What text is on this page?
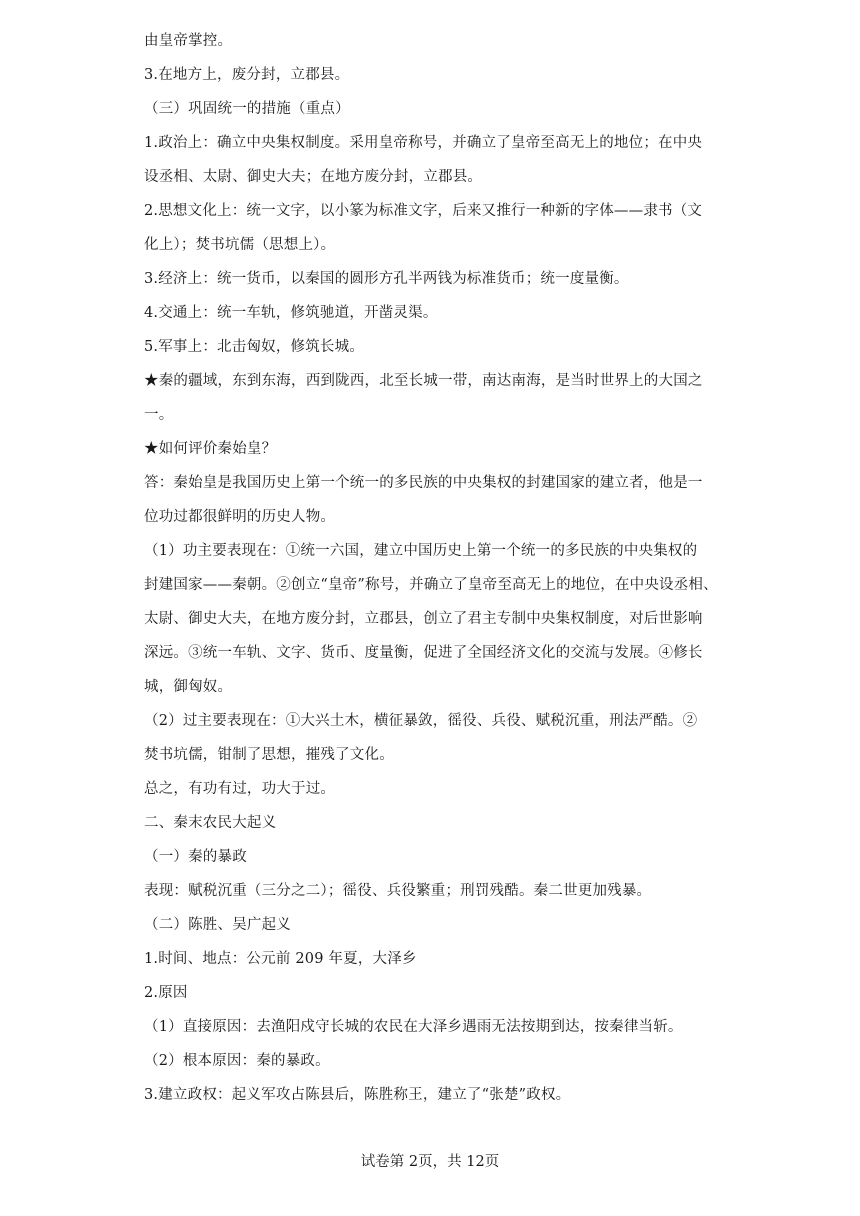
由皇帝掌控。
3.在地方上，废分封，立郡县。
（三）巩固统一的措施（重点）
1.政治上：确立中央集权制度。采用皇帝称号，并确立了皇帝至高无上的地位；在中央
设丞相、太尉、御史大夫；在地方废分封，立郡县。
2.思想文化上：统一文字，以小篆为标准文字，后来又推行一种新的字体——隶书（文
化上）；焚书坑儒（思想上）。
3.经济上：统一货币，以秦国的圆形方孔半两钱为标准货币；统一度量衡。
4.交通上：统一车轨，修筑驰道，开凿灵渠。
5.军事上：北击匈奴，修筑长城。
★秦的疆域，东到东海，西到陇西，北至长城一带，南达南海，是当时世界上的大国之
一。
★如何评价秦始皇？
答：秦始皇是我国历史上第一个统一的多民族的中央集权的封建国家的建立者，他是一
位功过都很鲜明的历史人物。
（1）功主要表现在：①统一六国，建立中国历史上第一个统一的多民族的中央集权的
封建国家——秦朝。②创立“皇帝”称号，并确立了皇帝至高无上的地位，在中央设丞相、
太尉、御史大夫，在地方废分封，立郡县，创立了君主专制中央集权制度，对后世影响
深远。③统一车轨、文字、货币、度量衡，促进了全国经济文化的交流与发展。④修长
城，御匈奴。
（2）过主要表现在：①大兴土木，横征暴敛，徭役、兵役、赋税沉重，刑法严酷。②
焚书坑儒，钳制了思想，摧残了文化。
总之，有功有过，功大于过。
二、秦末农民大起义
（一）秦的暴政
表现：赋税沉重（三分之二）；徭役、兵役繁重；刑罚残酷。秦二世更加残暴。
（二）陈胜、吴广起义
1.时间、地点：公元前 209 年夏，大泽乡
2.原因
（1）直接原因：去渔阳戍守长城的农民在大泽乡遇雨无法按期到达，按秦律当斩。
（2）根本原因：秦的暴政。
3.建立政权：起义军攻占陈县后，陈胜称王，建立了“张楚”政权。
试卷第 2页，共 12页
